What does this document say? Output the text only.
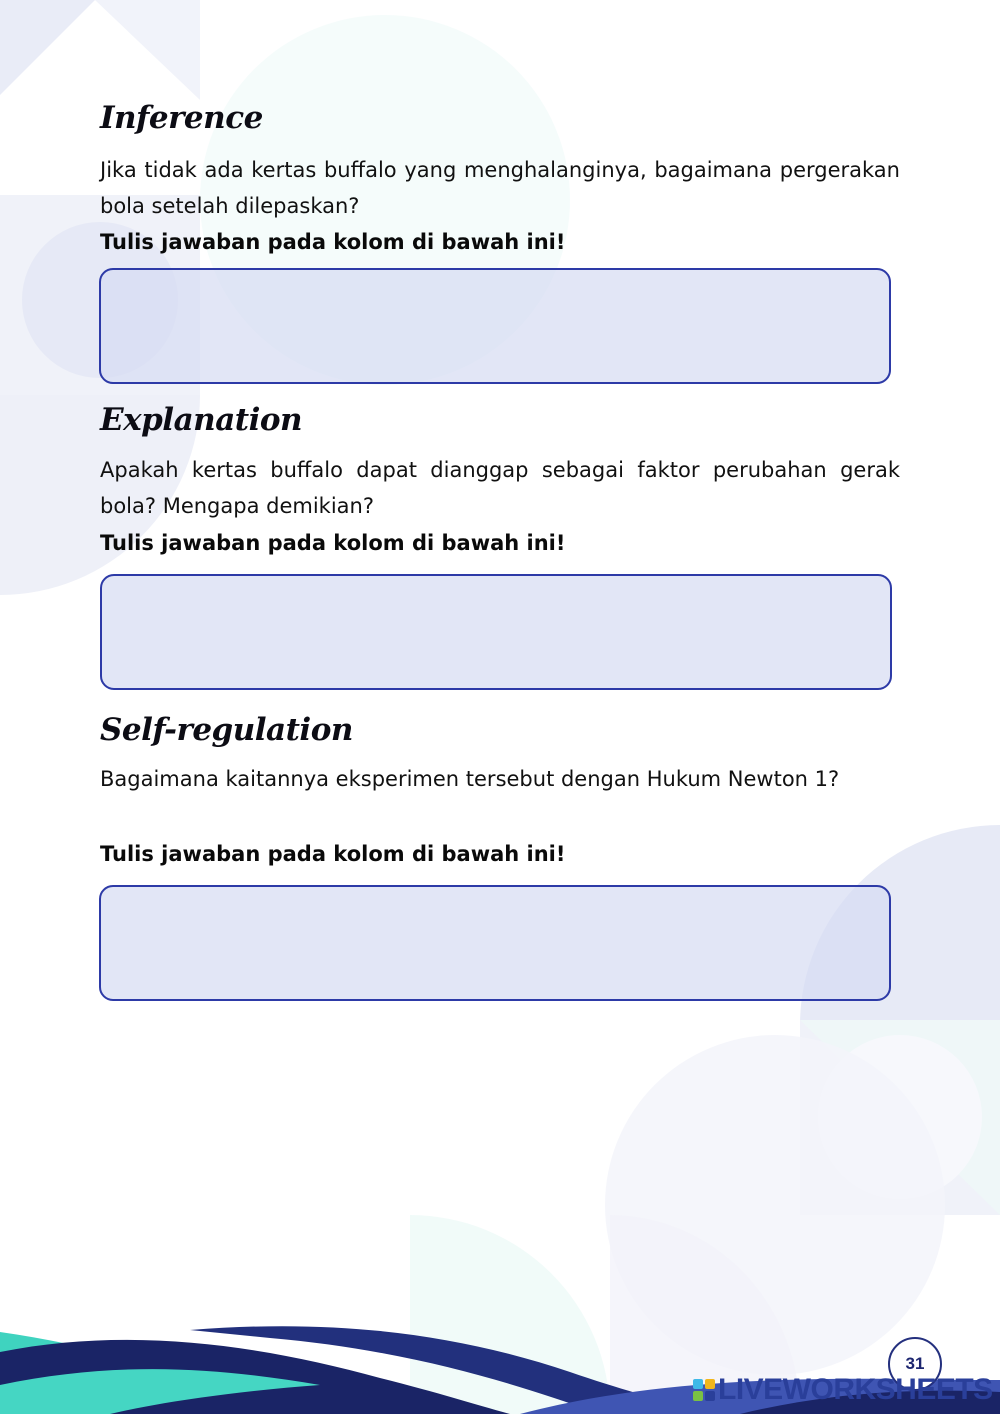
Inference

Jika tidak ada kertas buffalo yang menghalanginya, bagaimana pergerakan bola setelah dilepaskan?

Tulis jawaban pada kolom di bawah ini!

Explanation

Apakah kertas buffalo dapat dianggap sebagai faktor perubahan gerak bola? Mengapa demikian?

Tulis jawaban pada kolom di bawah ini!

Self-regulation

Bagaimana kaitannya eksperimen tersebut dengan Hukum Newton 1?

Tulis jawaban pada kolom di bawah ini!

31
LIVEWORKSHEETS
